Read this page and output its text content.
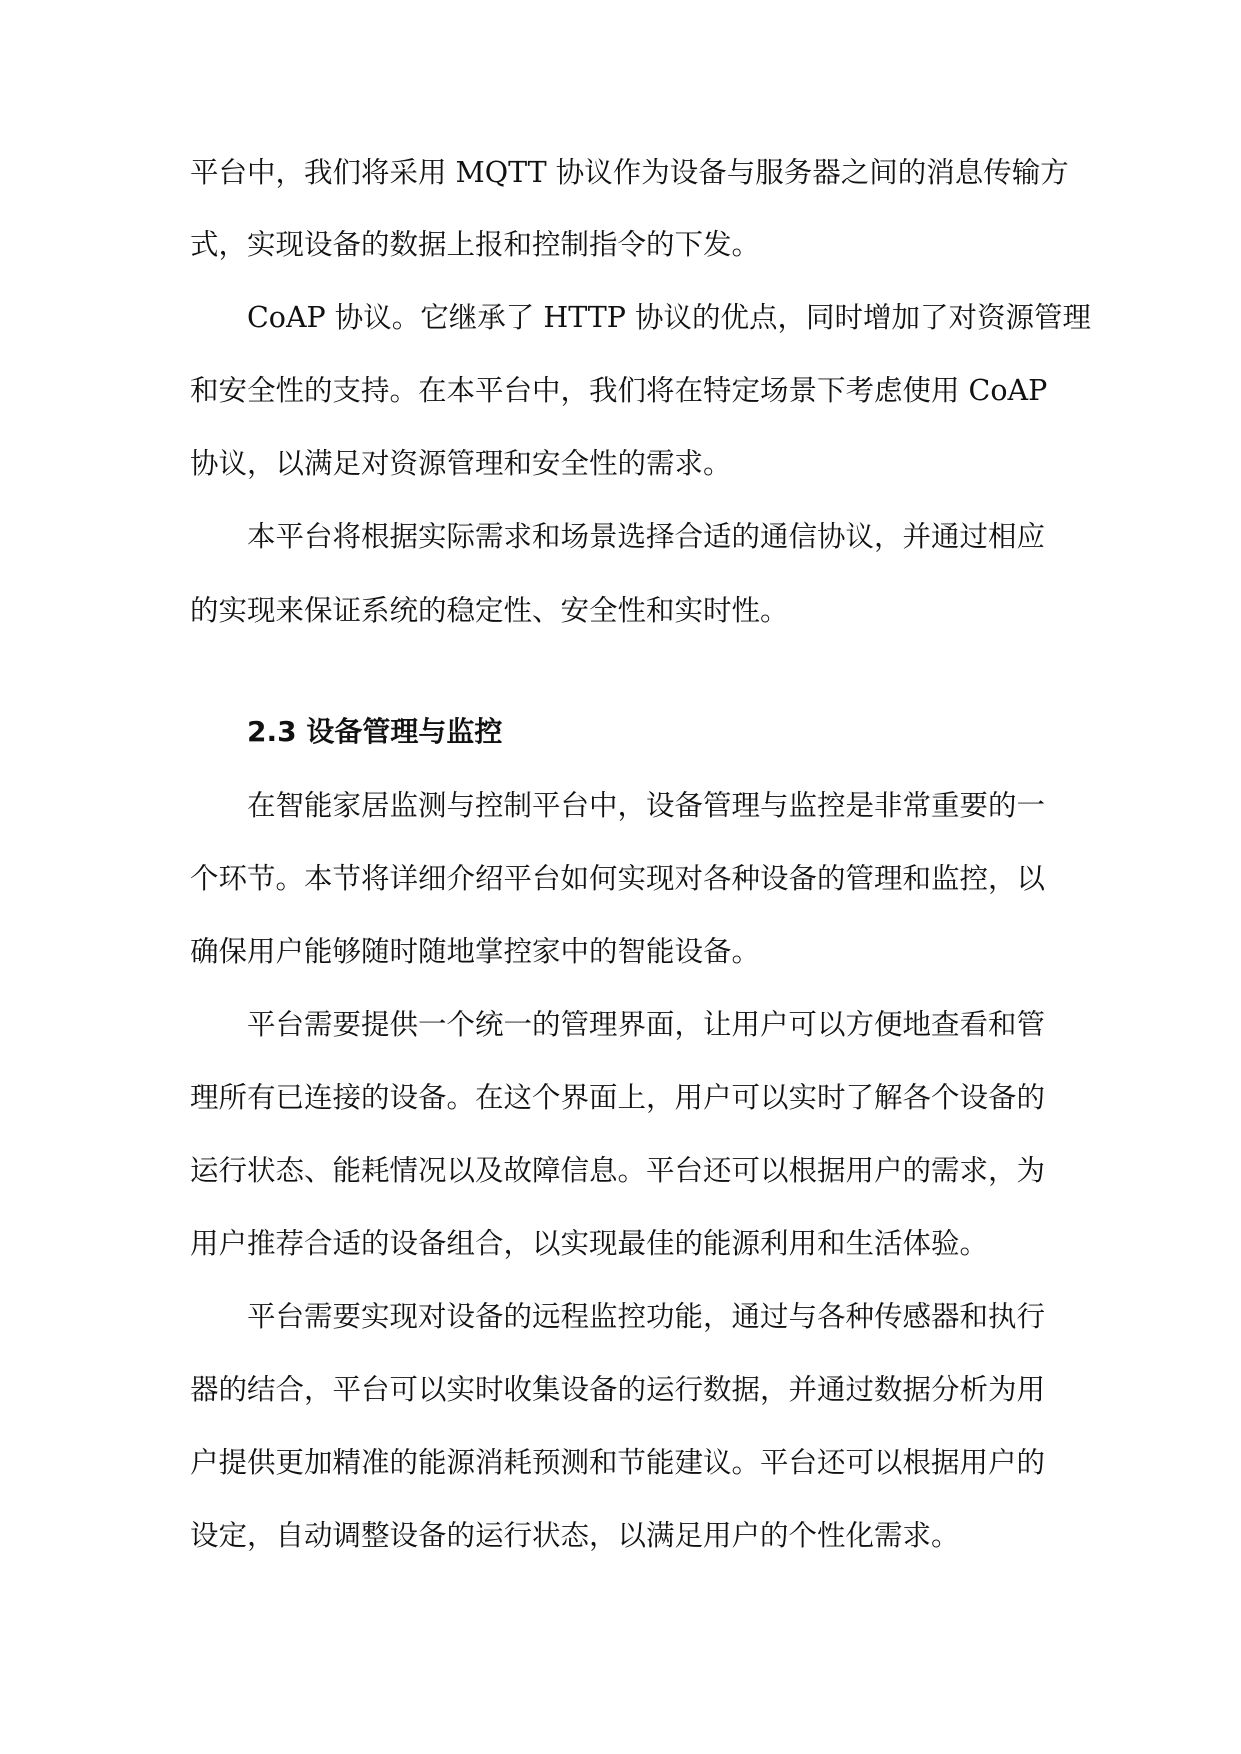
平台中，我们将采用 MQTT 协议作为设备与服务器之间的消息传输方
式，实现设备的数据上报和控制指令的下发。
CoAP 协议。它继承了 HTTP 协议的优点，同时增加了对资源管理
和安全性的支持。在本平台中，我们将在特定场景下考虑使用 CoAP
协议，以满足对资源管理和安全性的需求。
本平台将根据实际需求和场景选择合适的通信协议，并通过相应
的实现来保证系统的稳定性、安全性和实时性。
2.3 设备管理与监控
在智能家居监测与控制平台中，设备管理与监控是非常重要的一
个环节。本节将详细介绍平台如何实现对各种设备的管理和监控，以
确保用户能够随时随地掌控家中的智能设备。
平台需要提供一个统一的管理界面，让用户可以方便地查看和管
理所有已连接的设备。在这个界面上，用户可以实时了解各个设备的
运行状态、能耗情况以及故障信息。平台还可以根据用户的需求，为
用户推荐合适的设备组合，以实现最佳的能源利用和生活体验。
平台需要实现对设备的远程监控功能，通过与各种传感器和执行
器的结合，平台可以实时收集设备的运行数据，并通过数据分析为用
户提供更加精准的能源消耗预测和节能建议。平台还可以根据用户的
设定，自动调整设备的运行状态，以满足用户的个性化需求。
